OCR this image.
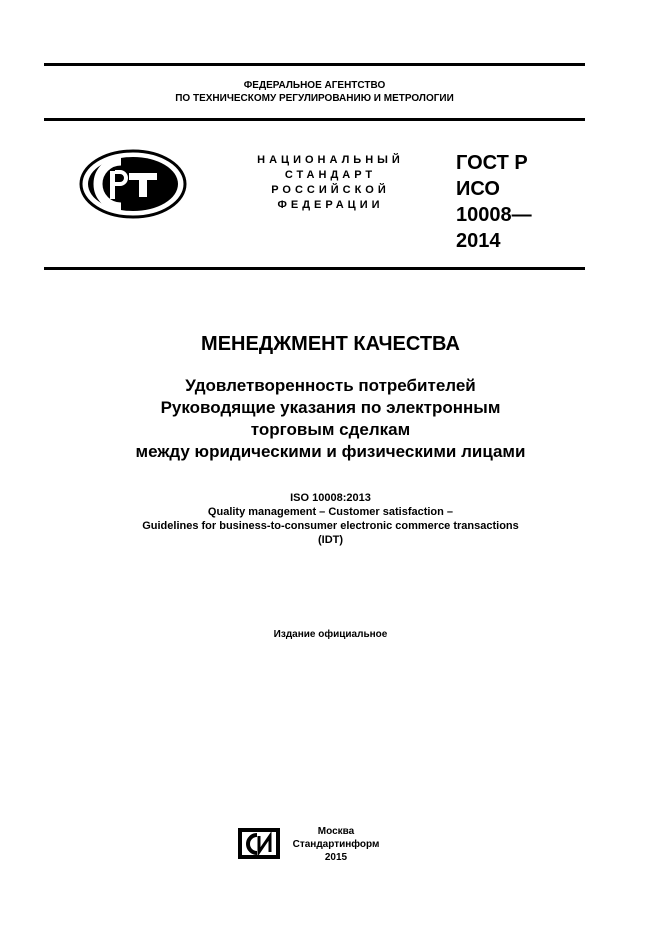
ФЕДЕРАЛЬНОЕ АГЕНТСТВО
ПО ТЕХНИЧЕСКОМУ РЕГУЛИРОВАНИЮ И МЕТРОЛОГИИ
НАЦИОНАЛЬНЫЙ
СТАНДАРТ
РОССИЙСКОЙ
ФЕДЕРАЦИИ
ГОСТ Р
ИСО
10008—
2014
МЕНЕДЖМЕНТ КАЧЕСТВА
Удовлетворенность потребителей
Руководящие указания по электронным
торговым сделкам
между юридическими и физическими лицами
ISO 10008:2013
Quality management – Customer satisfaction –
Guidelines for business-to-consumer electronic commerce transactions
(IDT)
Издание официальное
Москва
Стандартинформ
2015
